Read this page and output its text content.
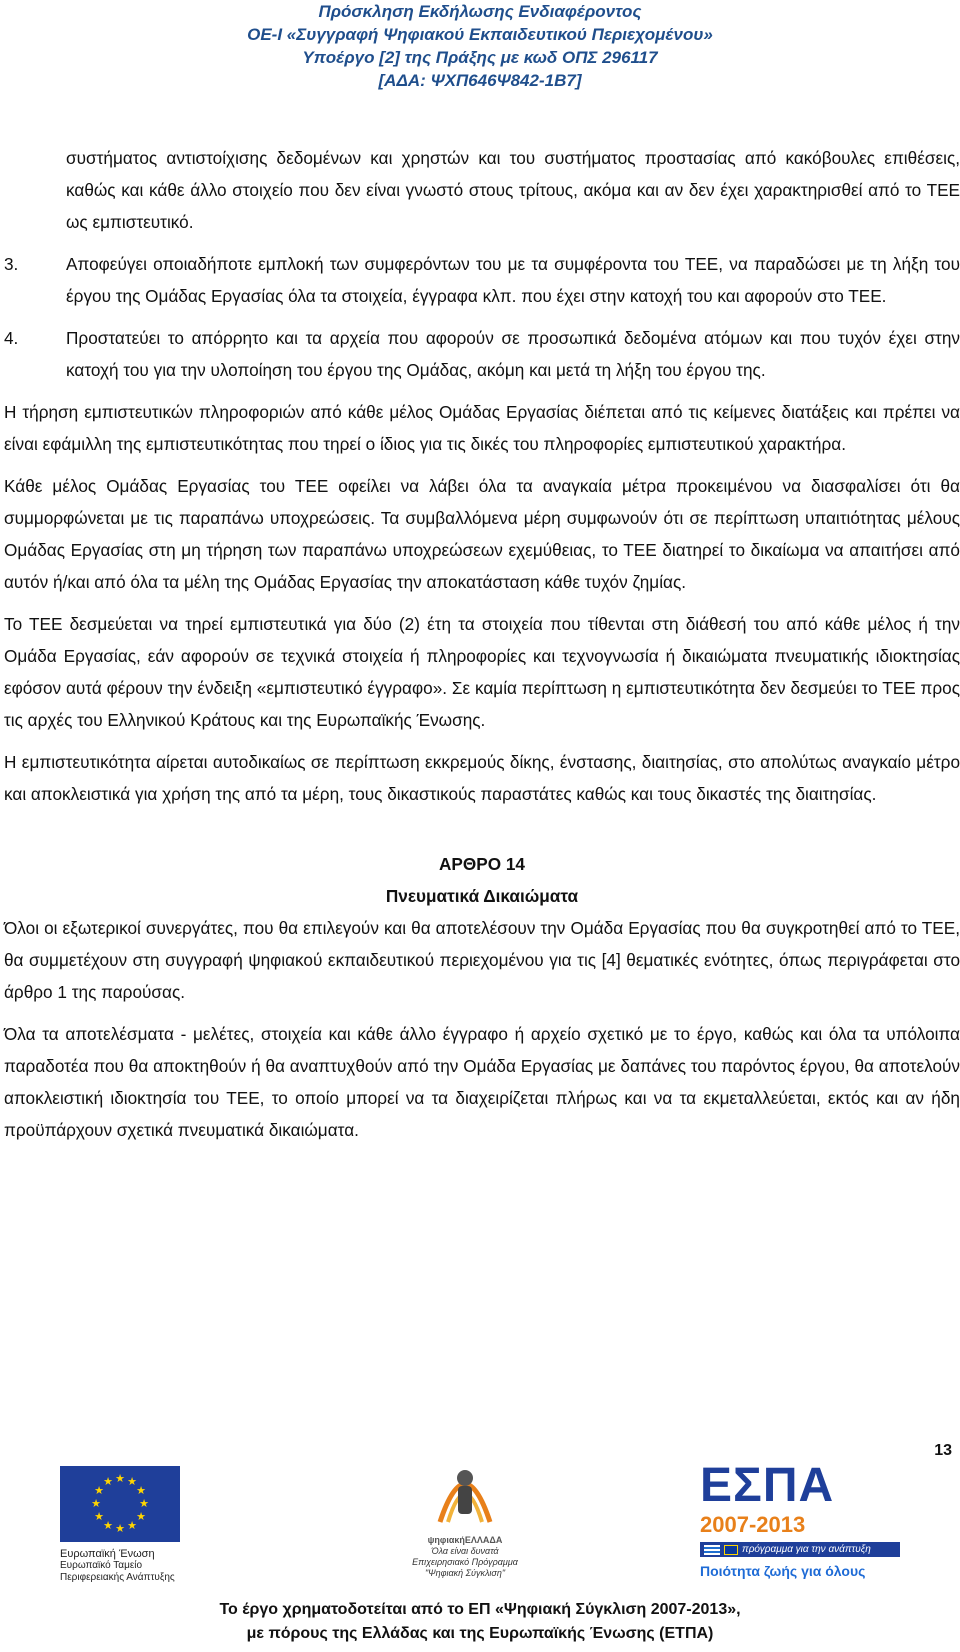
Πρόσκληση Εκδήλωσης Ενδιαφέροντος
ΟΕ-Ι «Συγγραφή Ψηφιακού Εκπαιδευτικού Περιεχομένου»
Υποέργο [2] της Πράξης με κωδ ΟΠΣ 296117
[ΑΔΑ: ΨΧΠ646Ψ842-1Β7]

συστήματος αντιστοίχισης δεδομένων και χρηστών και του συστήματος προστασίας από κακόβουλες επιθέσεις, καθώς και κάθε άλλο στοιχείο που δεν είναι γνωστό στους τρίτους, ακόμα και αν δεν έχει χαρακτηρισθεί από το ΤΕΕ ως εμπιστευτικό.

3.	Αποφεύγει οποιαδήποτε εμπλοκή των συμφερόντων του με τα συμφέροντα του ΤΕΕ, να παραδώσει με τη λήξη του έργου της Ομάδας Εργασίας όλα τα στοιχεία, έγγραφα κλπ. που έχει στην κατοχή του και αφορούν στο ΤΕΕ.

4.	Προστατεύει το απόρρητο και τα αρχεία που αφορούν σε προσωπικά δεδομένα ατόμων και που τυχόν έχει στην κατοχή του για την υλοποίηση του έργου της Ομάδας, ακόμη και μετά τη λήξη του έργου της.

Η τήρηση εμπιστευτικών πληροφοριών από κάθε μέλος Ομάδας Εργασίας διέπεται από τις κείμενες διατάξεις και πρέπει να είναι εφάμιλλη της εμπιστευτικότητας που τηρεί ο ίδιος για τις δικές του πληροφορίες εμπιστευτικού χαρακτήρα.

Κάθε μέλος Ομάδας Εργασίας του ΤΕΕ οφείλει να λάβει όλα τα αναγκαία μέτρα προκειμένου να διασφαλίσει ότι θα συμμορφώνεται με τις παραπάνω υποχρεώσεις. Τα συμβαλλόμενα μέρη συμφωνούν ότι σε περίπτωση υπαιτιότητας μέλους Ομάδας Εργασίας στη μη τήρηση των παραπάνω υποχρεώσεων εχεμύθειας, το ΤΕΕ διατηρεί το δικαίωμα να απαιτήσει από αυτόν ή/και από όλα τα μέλη της Ομάδας Εργασίας την αποκατάσταση κάθε τυχόν ζημίας.

Το ΤΕΕ δεσμεύεται να τηρεί εμπιστευτικά για δύο (2) έτη τα στοιχεία που τίθενται στη διάθεσή του από κάθε μέλος ή την Ομάδα Εργασίας, εάν αφορούν σε τεχνικά στοιχεία ή πληροφορίες και τεχνογνωσία ή δικαιώματα πνευματικής ιδιοκτησίας εφόσον αυτά φέρουν την ένδειξη «εμπιστευτικό έγγραφο». Σε καμία περίπτωση η εμπιστευτικότητα δεν δεσμεύει το ΤΕΕ προς τις αρχές του Ελληνικού Κράτους και της Ευρωπαϊκής Ένωσης.

Η εμπιστευτικότητα αίρεται αυτοδικαίως σε περίπτωση εκκρεμούς δίκης, ένστασης, διαιτησίας, στο απολύτως αναγκαίο μέτρο και αποκλειστικά για χρήση της από τα μέρη, τους δικαστικούς παραστάτες καθώς και τους δικαστές της διαιτησίας.

ΑΡΘΡΟ 14

Πνευματικά Δικαιώματα

Όλοι οι εξωτερικοί συνεργάτες, που θα επιλεγούν και θα αποτελέσουν την Ομάδα Εργασίας που θα συγκροτηθεί από το ΤΕΕ, θα συμμετέχουν στη συγγραφή ψηφιακού εκπαιδευτικού περιεχομένου για τις [4] θεματικές ενότητες, όπως περιγράφεται στο άρθρο 1 της παρούσας.

Όλα τα αποτελέσματα - μελέτες, στοιχεία και κάθε άλλο έγγραφο ή αρχείο σχετικό με το έργο, καθώς και όλα τα υπόλοιπα παραδοτέα που θα αποκτηθούν ή θα αναπτυχθούν από την Ομάδα Εργασίας με δαπάνες του παρόντος έργου, θα αποτελούν αποκλειστική ιδιοκτησία του ΤΕΕ, το οποίο μπορεί να τα διαχειρίζεται πλήρως και να τα εκμεταλλεύεται, εκτός και αν ήδη προϋπάρχουν σχετικά πνευματικά δικαιώματα.

13
★ ★
★
★
★
★
★
★
★
★
★
★
Ευρωπαϊκή Ένωση
Ευρωπαϊκό Ταμείο
Περιφερειακής Ανάπτυξης
ψηφιακήΕΛΛΑΔΑ
Όλα είναι δυνατά
Επιχειρησιακό Πρόγραμμα
"Ψηφιακή Σύγκλιση"
ΕΣΠΑ
2007-2013
πρόγραμμα για την ανάπτυξη
Ποιότητα ζωής για όλους
Το έργο χρηματοδοτείται από το ΕΠ «Ψηφιακή Σύγκλιση 2007-2013»,
με πόρους της Ελλάδας και της Ευρωπαϊκής Ένωσης (ΕΤΠΑ)
